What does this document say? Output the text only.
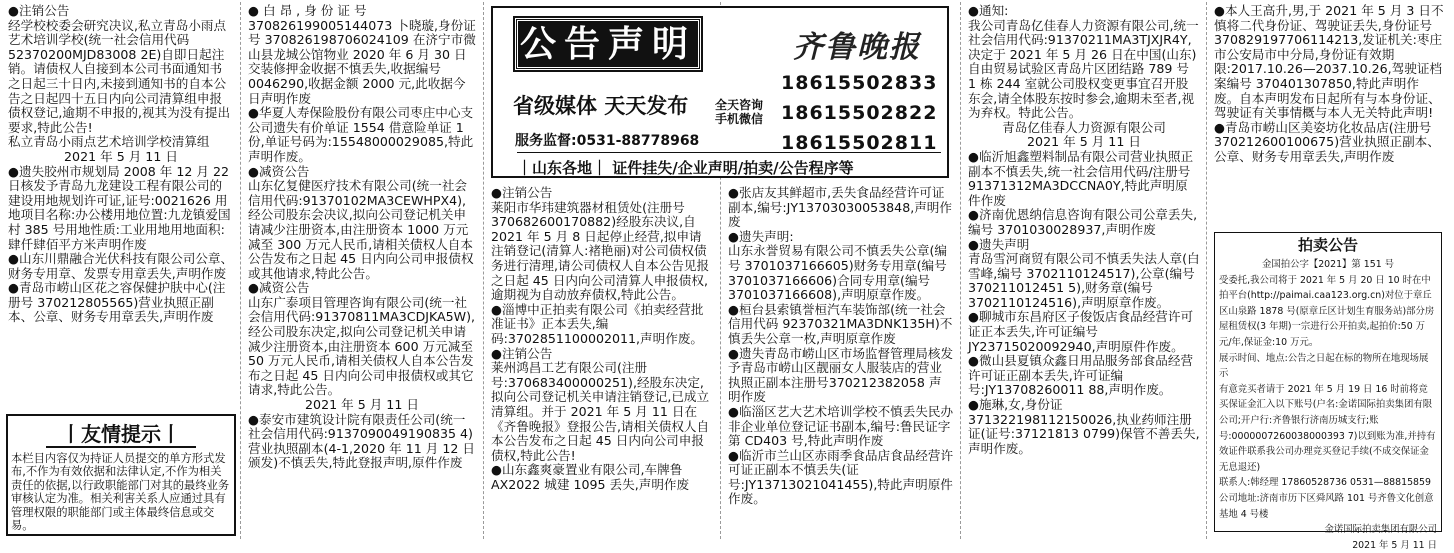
●注销公告

经学校校委会研究决议,私立青岛小雨点艺术培训学校(统一社会信用代码 52370200MJD83008 2E)自即日起注销。请债权人自接到本公司书面通知书之日起三十日内,未接到通知书的自本公告之日起四十五日内向公司清算组申报债权登记,逾期不申报的,视其为没有提出要求,特此公告!

私立青岛小雨点艺术培训学校清算组

2021 年 5 月 11 日

●遗失胶州市规划局 2008 年 12 月 22 日核发予青岛九龙建设工程有限公司的建设用地规划许可证,证号:0021626 用地项目名称:办公楼用地位置:九龙镇爱国村 385 号用地性质:工业用地用地面积:肆仟肆佰平方米声明作废

●山东川鼎融合光伏科技有限公司公章、财务专用章、发票专用章丢失,声明作废

●青岛市崂山区花之容保健护肤中心(注册号 370212805565)营业执照正副本、公章、财务专用章丢失,声明作废

丨友情提示丨
本栏目内容仅为持证人员提交的单方形式发布,不作为有效依据和法律认定,不作为相关责任的依据,以行政职能部门对其的最终业务审核认定为准。相关利害关系人应通过具有管理权限的职能部门或主体最终信息或交易。

● 白 昂 , 身 份 证 号 370826199005144073 卜晓璇,身份证号 370826198706024109 在济宁市微山县龙城公馆物业 2020 年 6 月 30 日交装修押金收据不慎丢失,收据编号 0046290,收据金额 2000 元,此收据今日声明作废

●华夏人寿保险股份有限公司枣庄中心支公司遗失有价单证 1554 借意险单证 1 份,单证号码为:15548000029085,特此声明作废。

●减资公告

山东亿复健医疗技术有限公司(统一社会信用代码:91370102MA3CEWHPX4),经公司股东会决议,拟向公司登记机关申请减少注册资本,由注册资本 1000 万元减至 300 万元人民币,请相关债权人自本公告发布之日起 45 日内向公司申报债权或其他请求,特此公告。

●减资公告

山东广泰项目管理咨询有限公司(统一社会信用代码:91370811MA3CDJKA5W),经公司股东决定,拟向公司登记机关申请减少注册资本,由注册资本 600 万元减至 50 万元人民币,请相关债权人自本公告发布之日起 45 日内向公司申报债权或其它请求,特此公告。

2021 年 5 月 11 日

●泰安市建筑设计院有限责任公司(统一社会信用代码:9137090049190835 4)营业执照副本(4-1,2020 年 11 月 12 日颁发)不慎丢失,特此登报声明,原件作废

公告声明	齐鲁晚报
18615502833
18615502822
18615502811
省级媒体 天天发布 全天咨询 手机微信
服务监督:0531-88778968
｜山东各地｜ 证件挂失/企业声明/拍卖/公告程序等

●注销公告

莱阳市华玮建筑器材租赁处(注册号 370682600170882)经股东决议,自 2021 年 5 月 8 日起停止经营,拟申请注销登记(清算人:褚艳丽)对公司债权债务进行清理,请公司债权人自本公告见报之日起 45 日内向公司清算人申报债权,逾期视为自动放弃债权,特此公告。

●淄博中正拍卖有限公司《拍卖经营批准证书》正本丢失,编码:3702851100002011,声明作废。

●注销公告

莱州鸿昌工艺有限公司(注册号:370683400000251),经股东决定,拟向公司登记机关申请注销登记,已成立清算组。并于 2021 年 5 月 11 日在《齐鲁晚报》登报公告,请相关债权人自本公告发布之日起 45 日内向公司申报债权,特此公告!

●山东鑫爽豪置业有限公司,车牌鲁 AX2022 城建 1095 丢失,声明作废

●张店友其鲜超市,丢失食品经营许可证副本,编号:JY13703030053848,声明作废

●遗失声明:

山东永誉贸易有限公司不慎丢失公章(编号 3701037166605)财务专用章(编号 3701037166606)合同专用章(编号 3701037166608),声明原章作废。

●桓台县索镇誉桓汽车装饰部(统一社会信用代码 92370321MA3DNK135H)不慎丢失公章一枚,声明原章作废

●遗失青岛市崂山区市场监督管理局核发予青岛市崂山区靓丽女人服装店的营业执照正副本注册号370212382058 声明作废

●临淄区艺大艺术培训学校不慎丢失民办非企业单位登记证书副本,编号:鲁民证字第 CD403 号,特此声明作废

●临沂市兰山区赤雨季食品店食品经营许可证正副本不慎丢失(证号:JY13713021041455),特此声明原件作废。

●通知:

我公司青岛亿佳春人力资源有限公司,统一社会信用代码:91370211MA3TJXJR4Y,决定于 2021 年 5 月 26 日在中国(山东)自由贸易试验区青岛片区团结路 789 号 1 栋 244 室就公司股权变更事宜召开股东会,请全体股东按时参会,逾期未至者,视为弃权。特此公告。

青岛亿佳春人力资源有限公司

2021 年 5 月 11 日

●临沂旭鑫塑料制品有限公司营业执照正副本不慎丢失,统一社会信用代码/注册号 91371312MA3DCCNA0Y,特此声明原件作废

●济南优恩纳信息咨询有限公司公章丢失,编号 3701030028937,声明作废

●遗失声明

青岛雪河商贸有限公司不慎丢失法人章(白雪峰,编号 3702110124517),公章(编号 370211012451 5),财务章(编号 3702110124516),声明原章作废。

●聊城市东昌府区子俊饭店食品经营许可证正本丢失,许可证编号 JY23715020092940,声明原件作废。

●微山县夏镇众鑫日用品服务部食品经营许可证正副本丢失,许可证编号:JY13708260011 88,声明作废。

●施琳,女,身份证 371322198112150026,执业药师注册证(证号:37121813 0799)保管不善丢失,声明作废。

●本人王高升,男,于 2021 年 5 月 3 日不慎将二代身份证、驾驶证丢失,身份证号 370829197706114213,发证机关:枣庄市公安局市中分局,身份证有效期限:2017.10.26—2037.10.26,驾驶证档案编号 370401307850,特此声明作废。自本声明发布日起所有与本身份证、驾驶证有关事情概与本人无关特此声明!

●青岛市崂山区美姿坊化妆品店(注册号 370212600100675)营业执照正副本、公章、财务专用章丢失,声明作废

拍卖公告

金国拍公字【2021】第 151 号

受委托,我公司将于 2021 年 5 月 20 日 10 时在中拍平台(http://paimai.caa123.org.cn)对位于章丘区山泉路 1878 号(原章丘区计划生育服务站)部分房屋租赁权(3 年期)一宗进行公开拍卖,起拍价:50 万元/年,保证金:10 万元。

展示时间、地点:公告之日起在标的物所在地现场展示

有意竞买者请于 2021 年 5 月 19 日 16 时前将竞买保证金汇入以下账号(户名:金诺国际拍卖集团有限公司;开户行:齐鲁银行济南历城支行;账号:0000007260038000393 7)以到账为准,并持有效证件联系我公司办理竞买登记手续(不成交保证金无息退还)

联系人:韩经理 17860528736 0531—88815859

公司地址:济南市历下区舜风路 101 号齐鲁文化创意基地 4 号楼

金诺国际拍卖集团有限公司

2021 年 5 月 11 日
